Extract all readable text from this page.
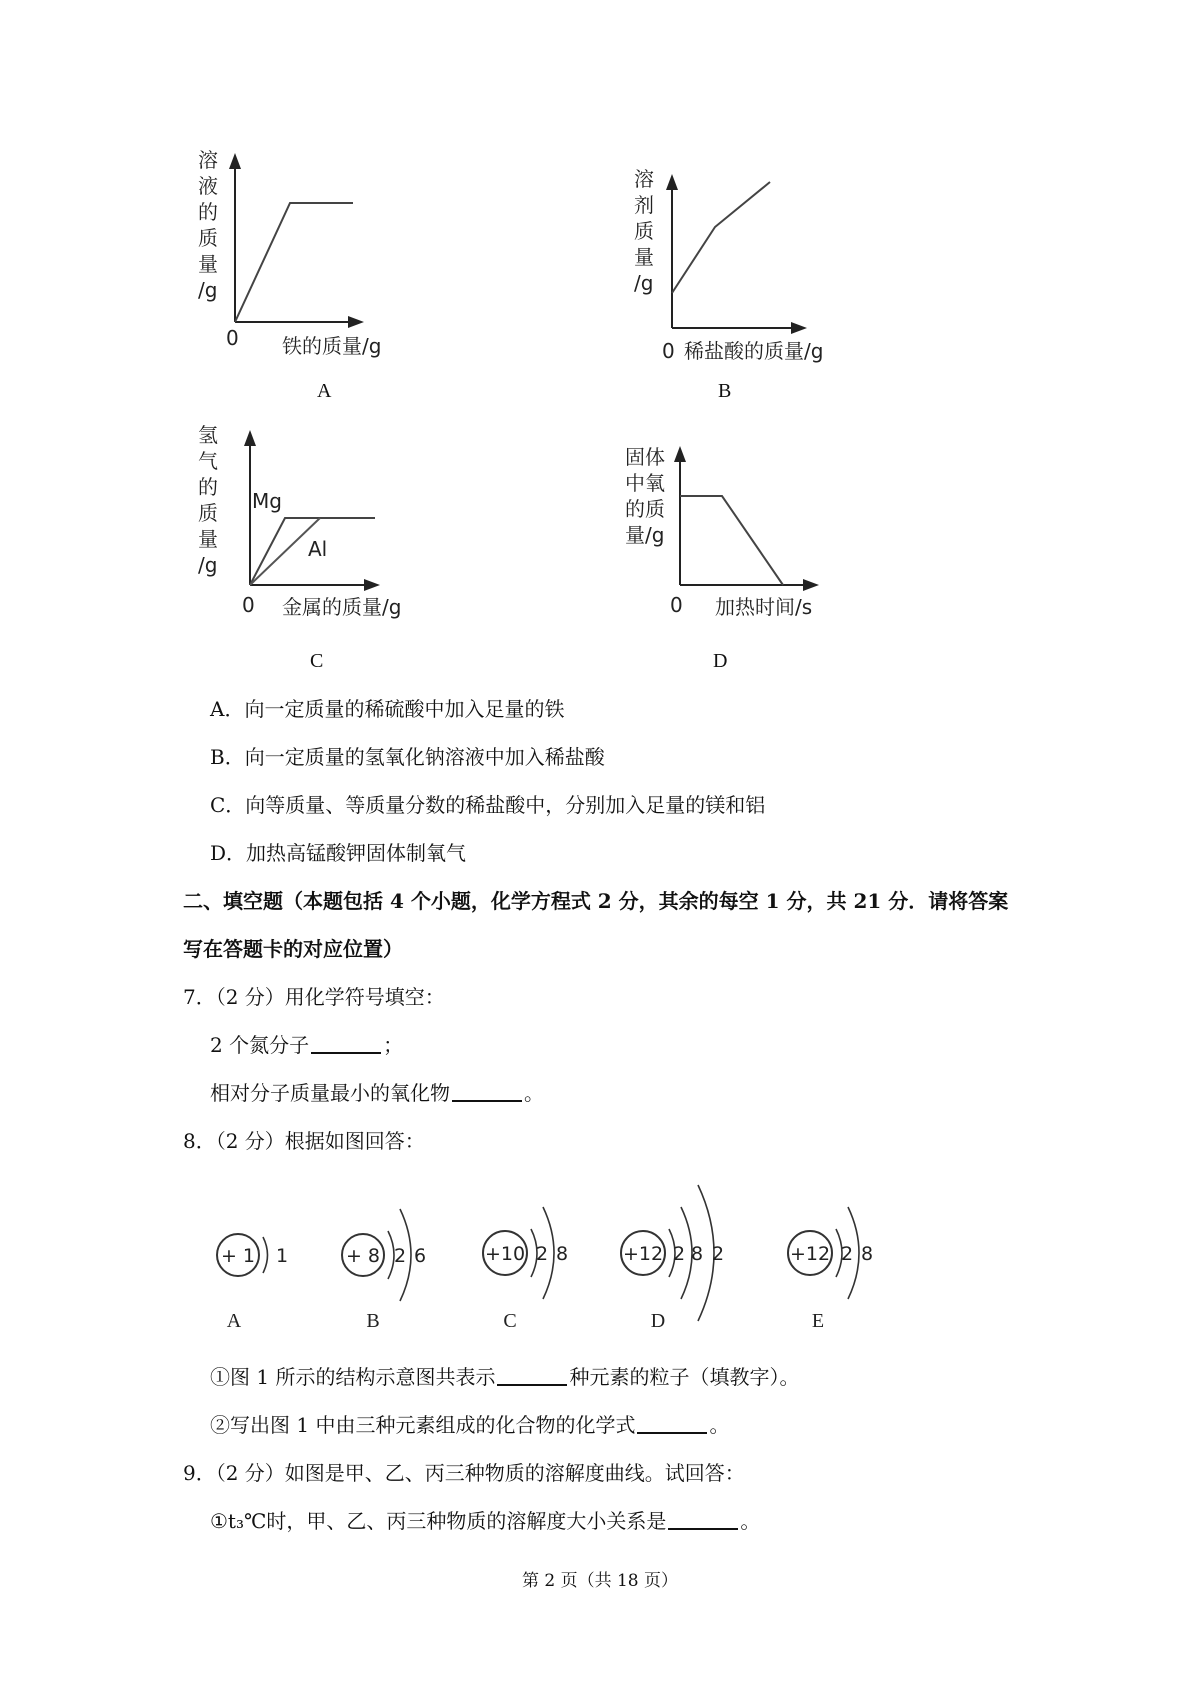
溶
液
的
质
量
/g
0 铁的质量/g
A
溶
剂
质
量
/g
0 稀盐酸的质量/g
B
氢
气
的
质
量
/g
Mg
Al
0 金属的质量/g
C
固体
中氧
的质
量/g
0 加热时间/s
D
A．向一定质量的稀硫酸中加入足量的铁
B．向一定质量的氢氧化钠溶液中加入稀盐酸
C．向等质量、等质量分数的稀盐酸中，分别加入足量的镁和铝
D．加热高锰酸钾固体制氧气
二、填空题（本题包括 4 个小题，化学方程式 2 分，其余的每空 1 分，共 21 分．请将答案
写在答题卡的对应位置）
7．（2 分）用化学符号填空：
2 个氮分子	；
相对分子质量最小的氧化物	。
8．（2 分）根据如图回答：
+ 1 1
A
+ 8 2 6
B
+10 2 8
C
+12 2 8 2
D
+12 2 8
E
①图 1 所示的结构示意图共表示	种元素的粒子（填教字）。
②写出图 1 中由三种元素组成的化合物的化学式	。
9．（2 分）如图是甲、乙、丙三种物质的溶解度曲线。试回答：
①t₃℃时，甲、乙、丙三种物质的溶解度大小关系是	。
第 2 页（共 18 页）
